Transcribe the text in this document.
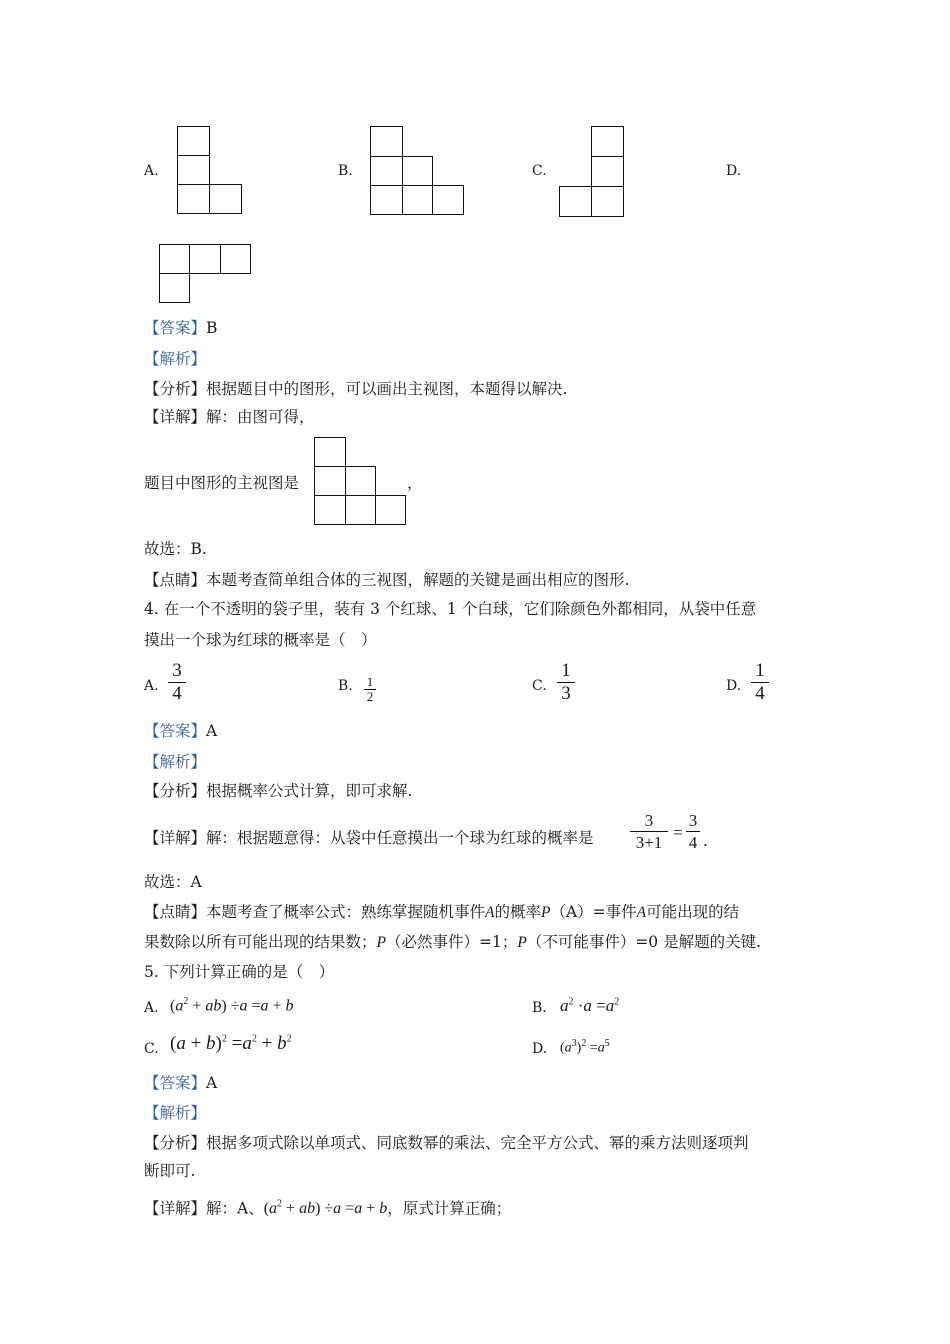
A.	B.	C.	D.
【答案】B
【解析】
【分析】根据题目中的图形，可以画出主视图，本题得以解决.
【详解】解：由图可得，
题目中图形的主视图是	，
故选：B.
【点睛】本题考查简单组合体的三视图，解题的关键是画出相应的图形.
4. 在一个不透明的袋子里，装有 3 个红球、1 个白球，它们除颜色外都相同，从袋中任意
摸出一个球为红球的概率是（　）
A.
3
4	B. 1
2
C.
1
3	D.
1
4
【答案】A
【解析】
【分析】根据概率公式计算，即可求解.
【详解】解：根据题意得：从袋中任意摸出一个球为红球的概率是
3
3+1
=
3
4 .
故选：A
【点睛】本题考查了概率公式：熟练掌握随机事件A的概率P（A）=事件A可能出现的结
果数除以所有可能出现的结果数；P（必然事件）=1；P（不可能事件）=0 是解题的关键.
5. 下列计算正确的是（　）
A. $(a^2 + ab) \div a =a + b$	B. $a^2 \cdot a =a^2$
C. $(a + b)^2 =a^2 + b^2$
D. $(a^3)^2 =a^5$
【答案】A
【解析】
【分析】根据多项式除以单项式、同底数幂的乘法、完全平方公式、幂的乘方法则逐项判
断即可.
【详解】解：A、$(a^2 + ab) \div a =a + b$，原式计算正确；
